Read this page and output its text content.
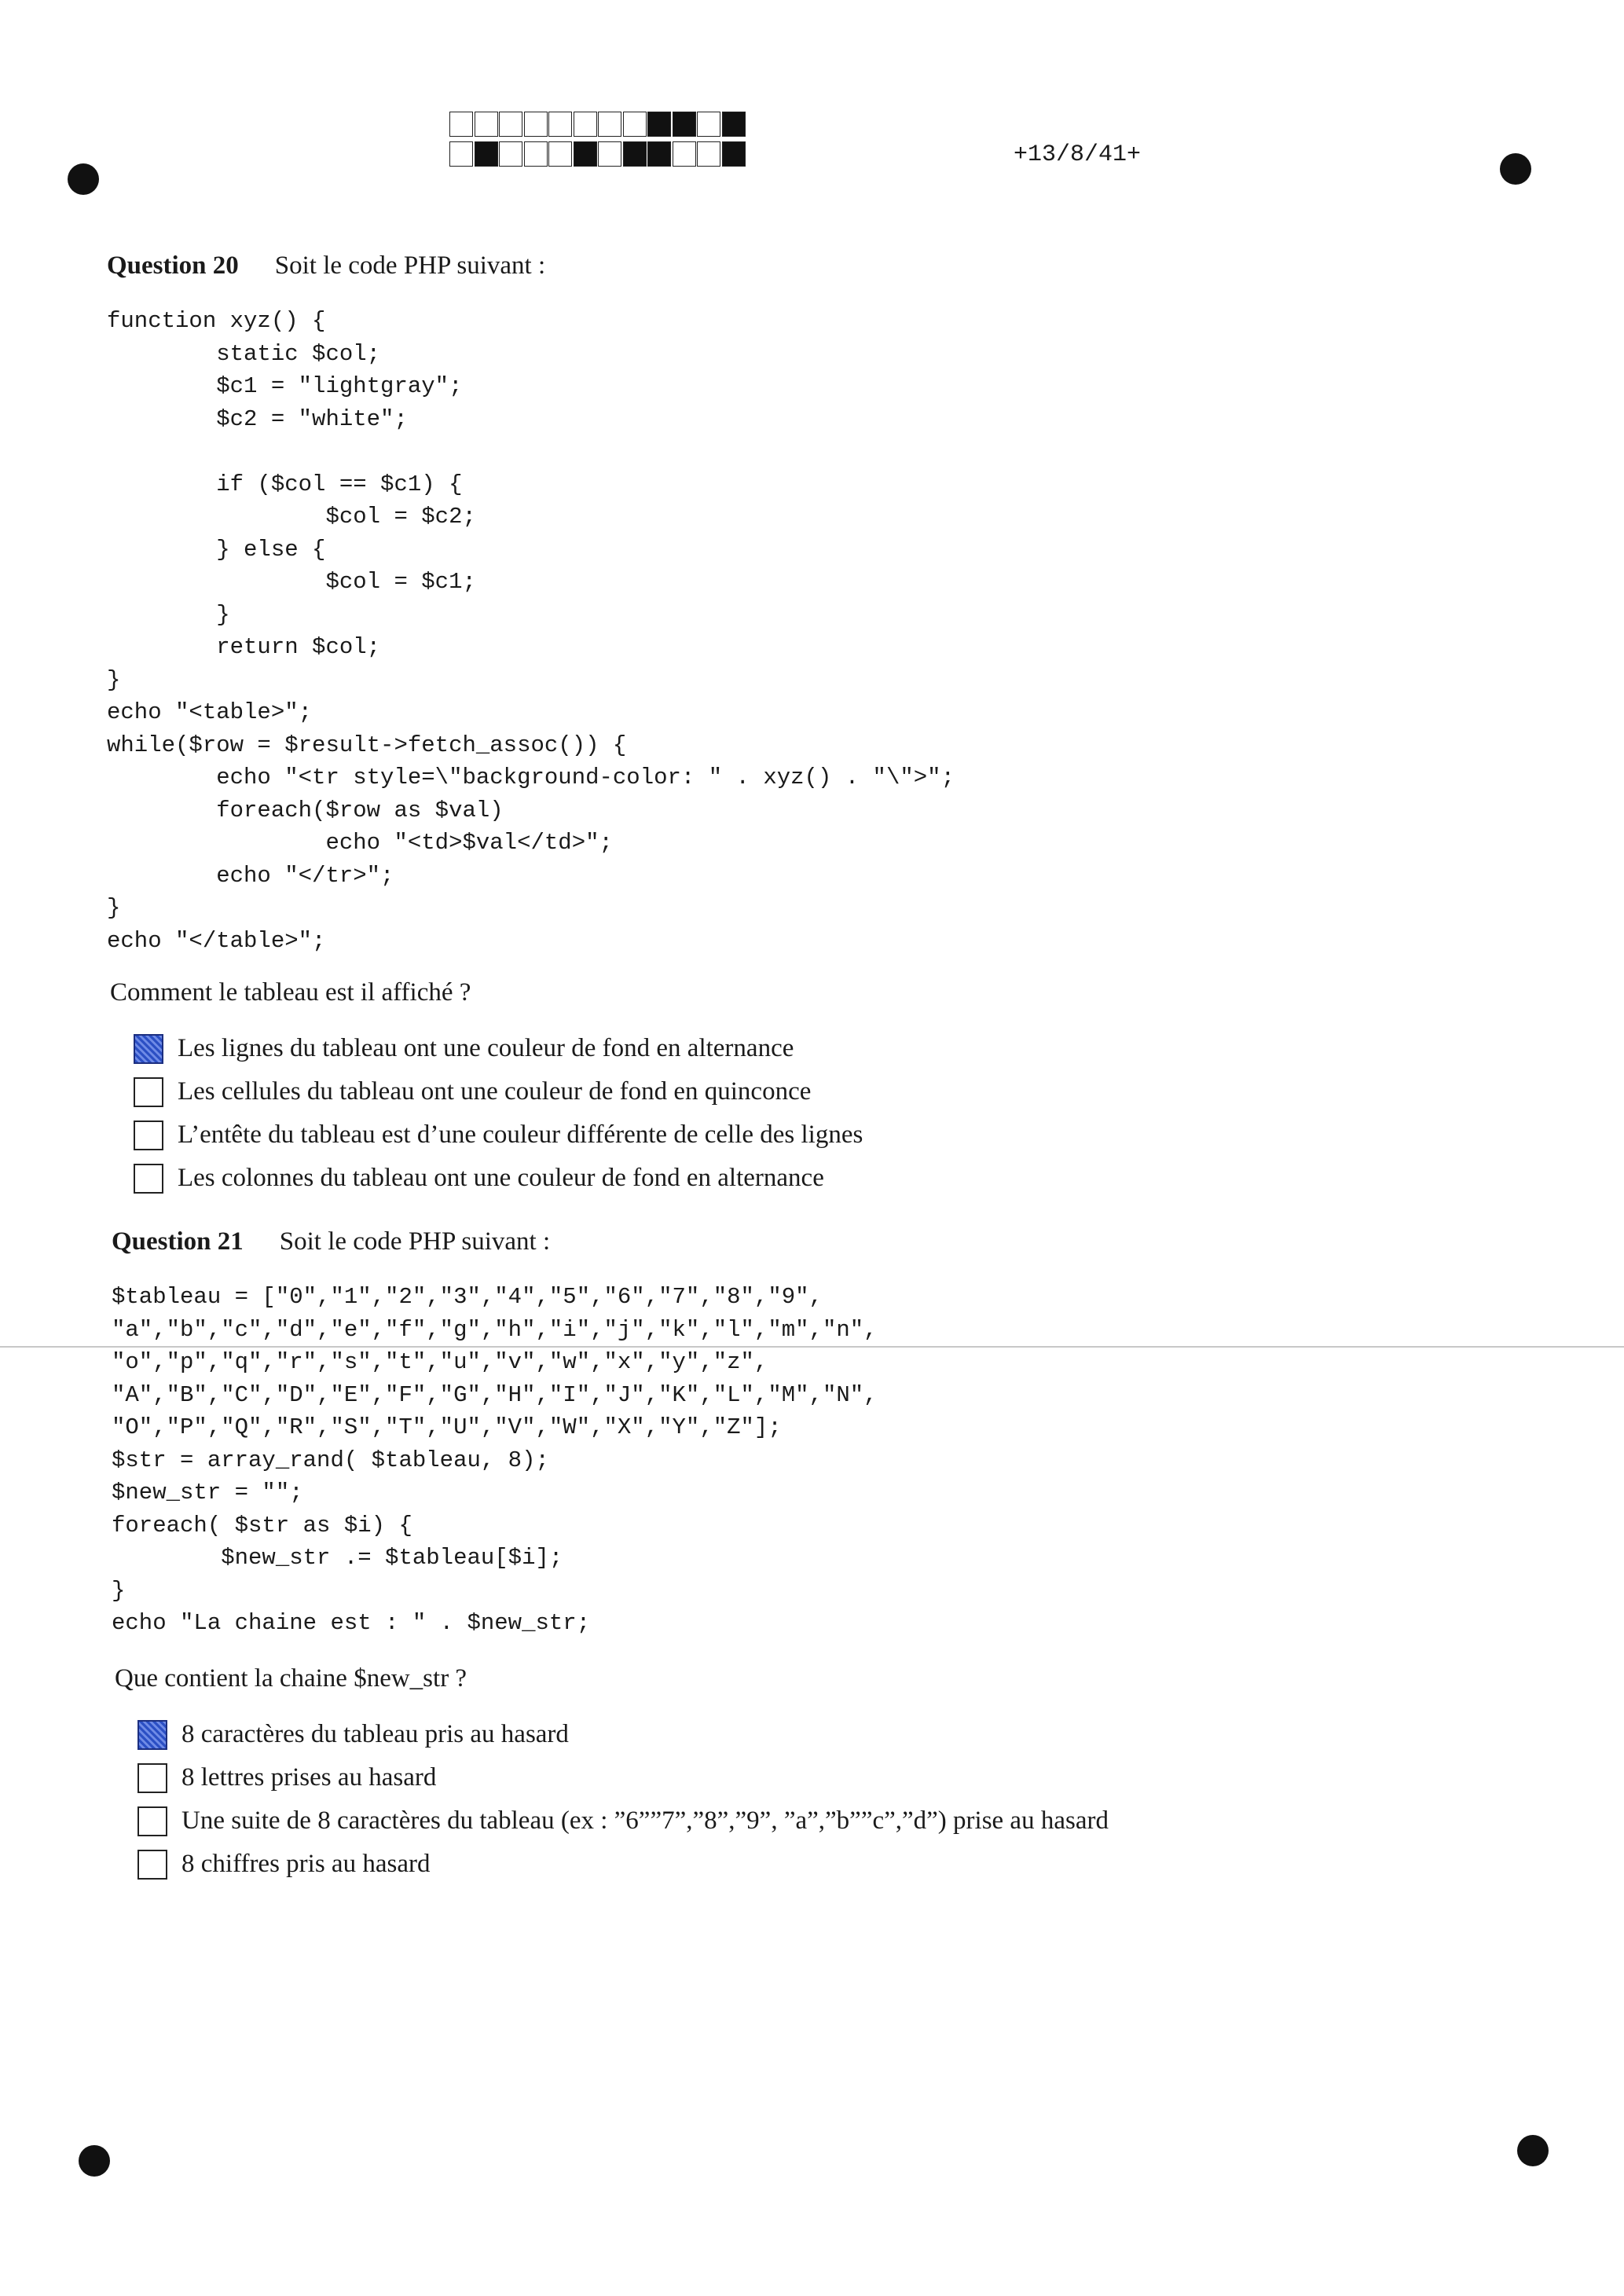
+13/8/41+
Question 20 Soit le code PHP suivant :
function xyz() {
static $col;
$c1 = "lightgray";
$c2 = "white";

if ($col == $c1) {
$col = $c2;
} else {
$col = $c1;
}
return $col;
}
echo "<table>";
while($row = $result->fetch_assoc()) {
echo "<tr style=\"background-color: " . xyz() . "\">";
foreach($row as $val)
echo "<td>$val</td>";
echo "</tr>";
}
echo "</table>";
Comment le tableau est il affiché ?
Les lignes du tableau ont une couleur de fond en alternance
Les cellules du tableau ont une couleur de fond en quinconce
L’entête du tableau est d’une couleur différente de celle des lignes
Les colonnes du tableau ont une couleur de fond en alternance
Question 21 Soit le code PHP suivant :
$tableau = ["0","1","2","3","4","5","6","7","8","9",
"a","b","c","d","e","f","g","h","i","j","k","l","m","n",
"o","p","q","r","s","t","u","v","w","x","y","z",
"A","B","C","D","E","F","G","H","I","J","K","L","M","N",
"O","P","Q","R","S","T","U","V","W","X","Y","Z"];
$str = array_rand( $tableau, 8);
$new_str = "";
foreach( $str as $i) {
$new_str .= $tableau[$i];
}
echo "La chaine est : " . $new_str;
Que contient la chaine $new_str ?
8 caractères du tableau pris au hasard
8 lettres prises au hasard
Une suite de 8 caractères du tableau (ex : ”6””7”,”8”,”9”, ”a”,”b””c”,”d”) prise au hasard
8 chiffres pris au hasard
